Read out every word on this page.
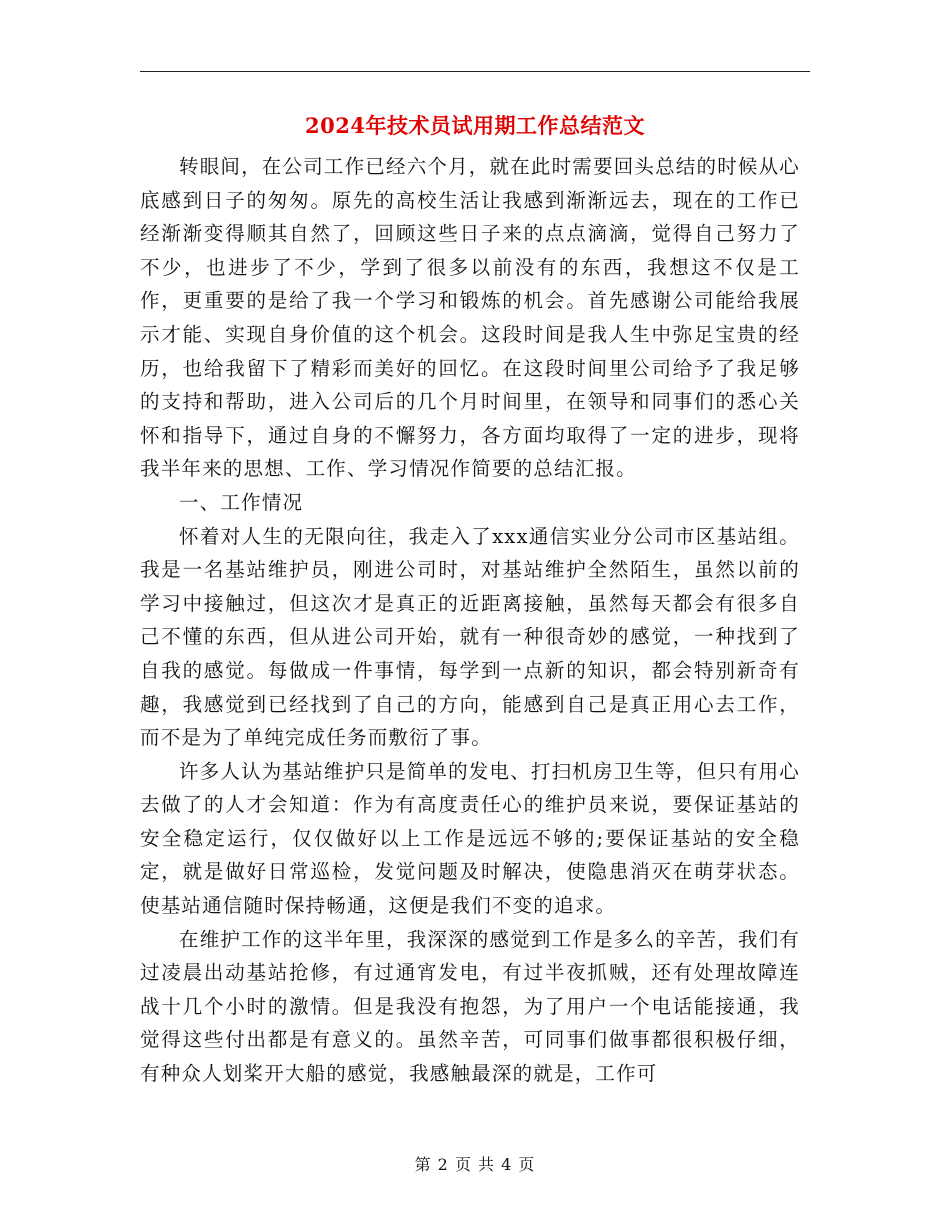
2024年技术员试用期工作总结范文

转眼间，在公司工作已经六个月，就在此时需要回头总结的时候从心底感到日子的匆匆。原先的高校生活让我感到渐渐远去，现在的工作已经渐渐变得顺其自然了，回顾这些日子来的点点滴滴，觉得自己努力了不少，也进步了不少，学到了很多以前没有的东西，我想这不仅是工作，更重要的是给了我一个学习和锻炼的机会。首先感谢公司能给我展示才能、实现自身价值的这个机会。这段时间是我人生中弥足宝贵的经历，也给我留下了精彩而美好的回忆。在这段时间里公司给予了我足够的支持和帮助，进入公司后的几个月时间里，在领导和同事们的悉心关怀和指导下，通过自身的不懈努力，各方面均取得了一定的进步，现将我半年来的思想、工作、学习情况作简要的总结汇报。

一、工作情况

怀着对人生的无限向往，我走入了xxx通信实业分公司市区基站组。我是一名基站维护员，刚进公司时，对基站维护全然陌生，虽然以前的学习中接触过，但这次才是真正的近距离接触，虽然每天都会有很多自己不懂的东西，但从进公司开始，就有一种很奇妙的感觉，一种找到了自我的感觉。每做成一件事情，每学到一点新的知识，都会特别新奇有趣，我感觉到已经找到了自己的方向，能感到自己是真正用心去工作，而不是为了单纯完成任务而敷衍了事。

许多人认为基站维护只是简单的发电、打扫机房卫生等，但只有用心去做了的人才会知道：作为有高度责任心的维护员来说，要保证基站的安全稳定运行，仅仅做好以上工作是远远不够的;要保证基站的安全稳定，就是做好日常巡检，发觉问题及时解决，使隐患消灭在萌芽状态。使基站通信随时保持畅通，这便是我们不变的追求。

在维护工作的这半年里，我深深的感觉到工作是多么的辛苦，我们有过凌晨出动基站抢修，有过通宵发电，有过半夜抓贼，还有处理故障连战十几个小时的激情。但是我没有抱怨，为了用户一个电话能接通，我觉得这些付出都是有意义的。虽然辛苦，可同事们做事都很积极仔细，有种众人划桨开大船的感觉，我感触最深的就是，工作可

第 2 页 共 4 页
